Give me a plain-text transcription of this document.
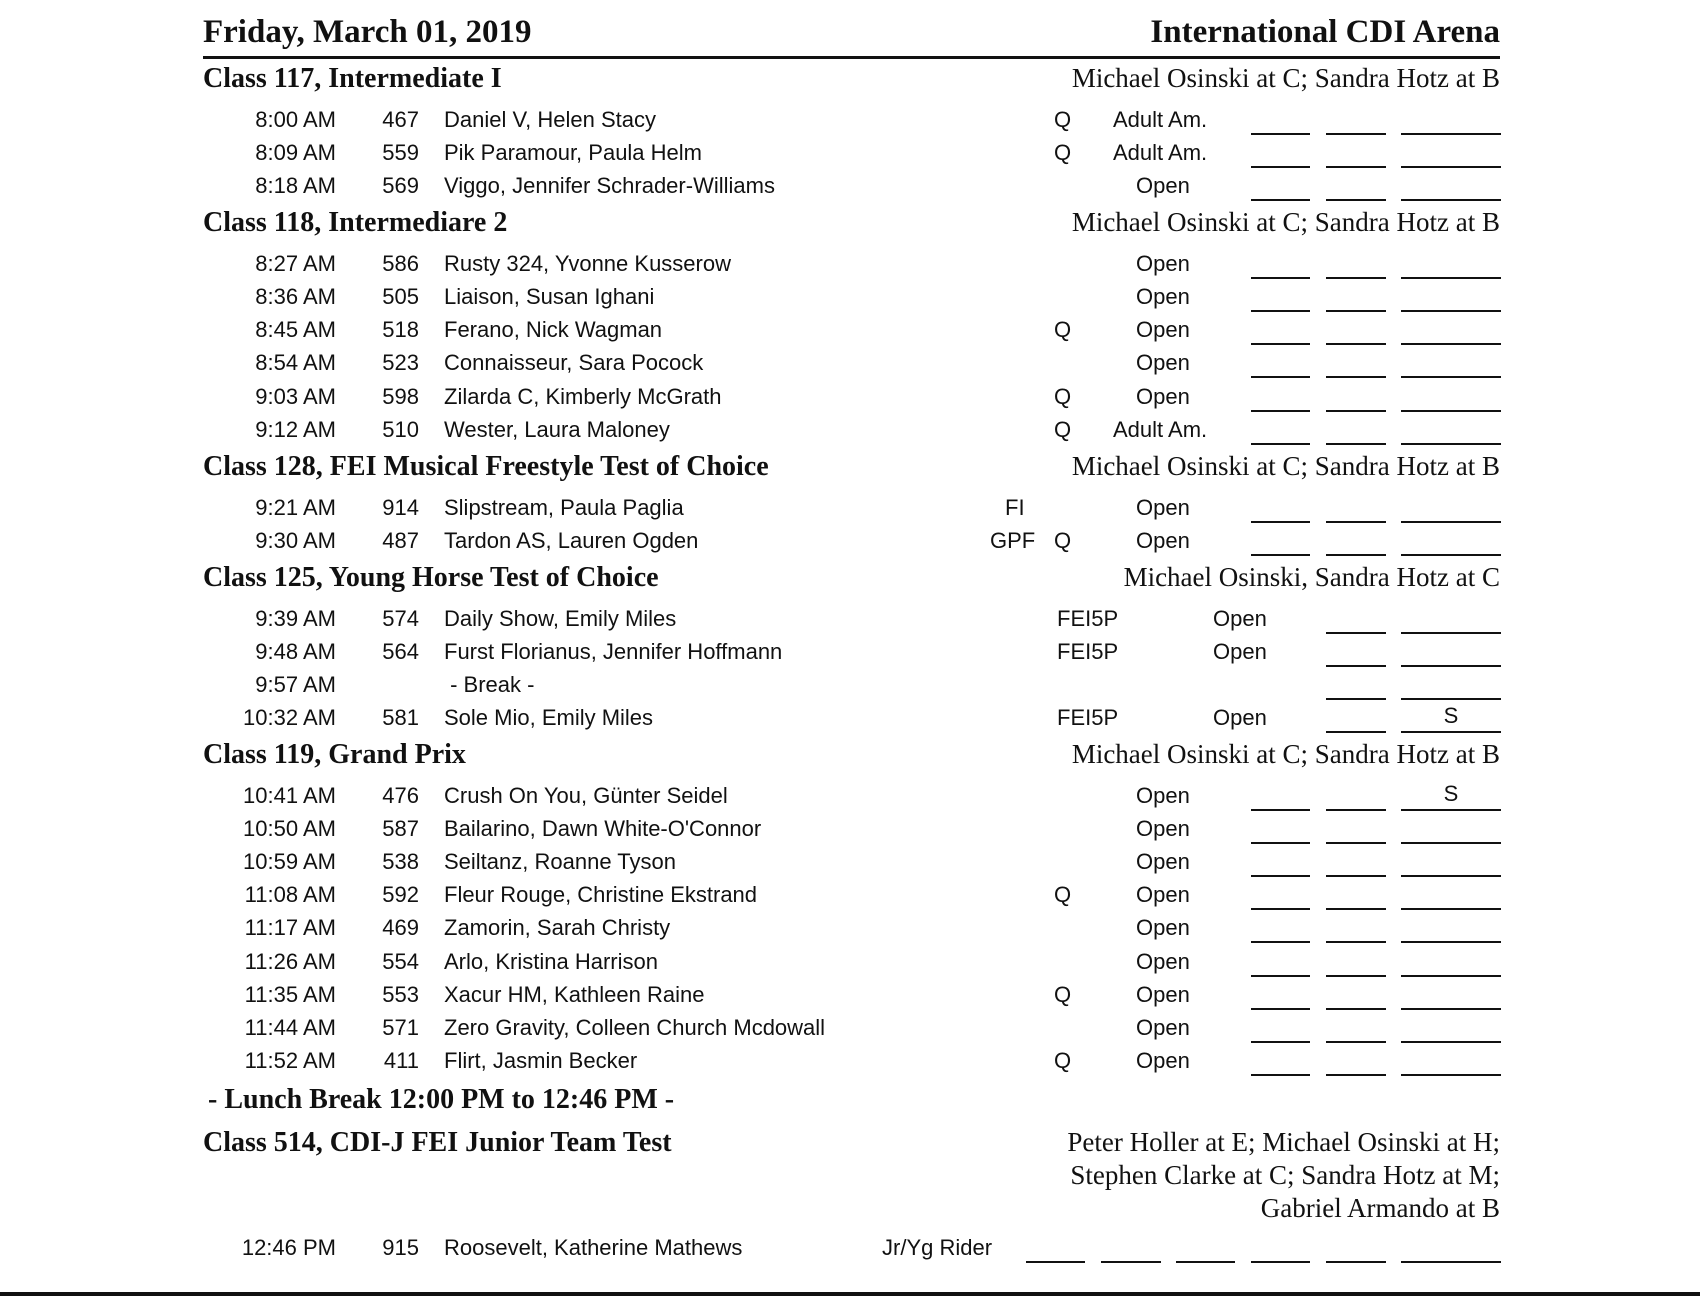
Friday, March 01, 2019	International CDI Arena
Class 117, Intermediate I	Michael Osinski at C; Sandra Hotz at B
8:00 AM 467 Daniel V, Helen Stacy	Q Adult Am.
8:09 AM 559 Pik Paramour, Paula Helm	Q Adult Am.
8:18 AM 569 Viggo, Jennifer Schrader-Williams	Open
Class 118, Intermediare 2	Michael Osinski at C; Sandra Hotz at B
8:27 AM 586 Rusty 324, Yvonne Kusserow	Open
8:36 AM 505 Liaison, Susan Ighani	Open
8:45 AM 518 Ferano, Nick Wagman	Q	Open
8:54 AM 523 Connaisseur, Sara Pocock	Open
9:03 AM 598 Zilarda C, Kimberly McGrath	Q	Open
9:12 AM 510 Wester, Laura Maloney	Q Adult Am.
Class 128, FEI Musical Freestyle Test of Choice	Michael Osinski at C; Sandra Hotz at B
9:21 AM 914 Slipstream, Paula Paglia	FI	Open
9:30 AM 487 Tardon AS, Lauren Ogden	GPF Q	Open
Class 125, Young Horse Test of Choice	Michael Osinski, Sandra Hotz at C
9:39 AM 574 Daily Show, Emily Miles	FEI5P	Open
9:48 AM 564 Furst Florianus, Jennifer Hoffmann	FEI5P	Open
9:57 AM	- Break -
10:32 AM 581 Sole Mio, Emily Miles	FEI5P	Open	S
Class 119, Grand Prix	Michael Osinski at C; Sandra Hotz at B
10:41 AM 476 Crush On You, Günter Seidel	Open	S
10:50 AM 587 Bailarino, Dawn White-O'Connor	Open
10:59 AM 538 Seiltanz, Roanne Tyson	Open
11:08 AM 592 Fleur Rouge, Christine Ekstrand	Q	Open
11:17 AM 469 Zamorin, Sarah Christy	Open
11:26 AM 554 Arlo, Kristina Harrison	Open
11:35 AM 553 Xacur HM, Kathleen Raine	Q	Open
11:44 AM 571 Zero Gravity, Colleen Church Mcdowall	Open
11:52 AM 411 Flirt, Jasmin Becker	Q	Open
- Lunch Break 12:00 PM to 12:46 PM -
Class 514, CDI-J FEI Junior Team Test	Peter Holler at E; Michael Osinski at H;
Stephen Clarke at C; Sandra Hotz at M;
Gabriel Armando at B
12:46 PM 915 Roosevelt, Katherine Mathews	Jr/Yg Rider
